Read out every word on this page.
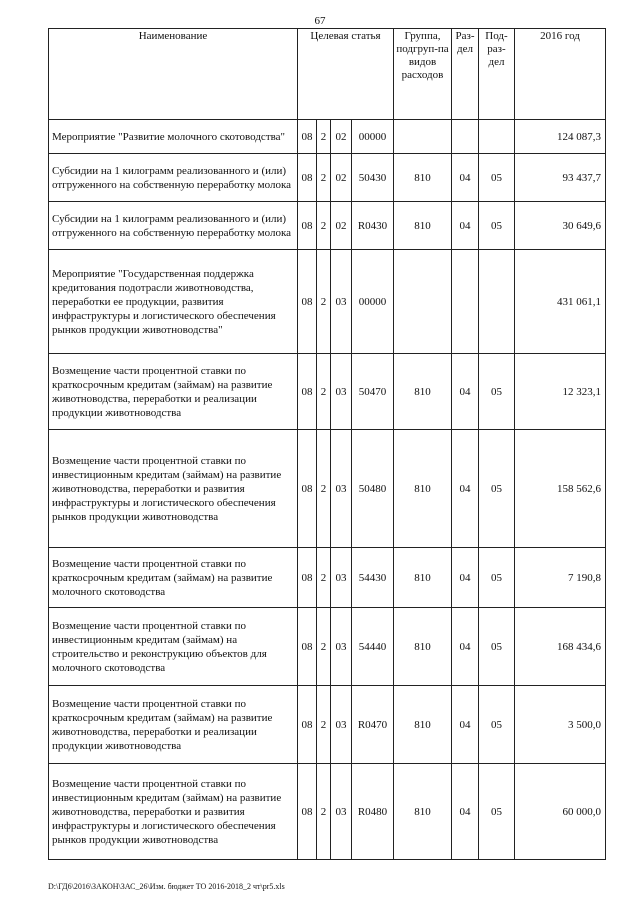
67
Наименование	Целевая статья				Группа, подгруп-па видов расходов	Раз-дел	Под-раз-дел	2016 год
Мероприятие "Развитие молочного скотоводства"	08	2	02	00000				124 087,3
Субсидии на 1 килограмм реализованного и (или) отгруженного на собственную переработку молока	08	2	02	50430	810	04	05	93 437,7
Субсидии на 1 килограмм реализованного и (или) отгруженного на собственную переработку молока	08	2	02	R0430	810	04	05	30 649,6
Мероприятие "Государственная поддержка кредитования подотрасли животноводства, переработки ее продукции, развития инфраструктуры и логистического обеспечения рынков продукции животноводства"	08	2	03	00000				431 061,1
Возмещение части процентной ставки по краткосрочным кредитам (займам) на развитие животноводства, переработки и реализации продукции животноводства	08	2	03	50470	810	04	05	12 323,1
Возмещение части процентной ставки по инвестиционным кредитам (займам) на развитие животноводства, переработки и развития инфраструктуры и логистического обеспечения рынков продукции животноводства	08	2	03	50480	810	04	05	158 562,6
Возмещение части процентной ставки по краткосрочным кредитам (займам) на развитие молочного скотоводства	08	2	03	54430	810	04	05	7 190,8
Возмещение части процентной ставки по инвестиционным кредитам (займам) на строительство и реконструкцию объектов для молочного скотоводства	08	2	03	54440	810	04	05	168 434,6
Возмещение части процентной ставки по краткосрочным кредитам (займам) на развитие животноводства, переработки и реализации продукции животноводства	08	2	03	R0470	810	04	05	3 500,0
Возмещение части процентной ставки по инвестиционным кредитам (займам) на развитие животноводства, переработки и развития инфраструктуры и логистического обеспечения рынков продукции животноводства	08	2	03	R0480	810	04	05	60 000,0
D:\ГД6\2016\ЗАКОН\ЗАС_26\Изм. бюджет ТО 2016-2018_2 чт\pr5.xls
